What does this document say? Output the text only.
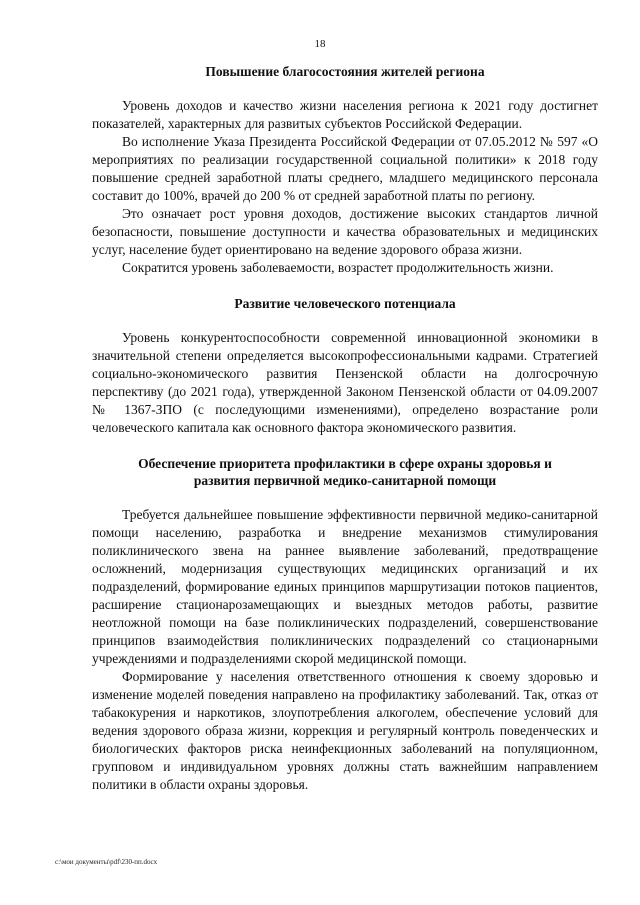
18
Повышение благосостояния жителей региона

Уровень доходов и качество жизни населения региона к 2021 году достигнет показателей, характерных для развитых субъектов Российской Федерации.

Во исполнение Указа Президента Российской Федерации от 07.05.2012 № 597 «О мероприятиях по реализации государственной социальной политики» к 2018 году повышение средней заработной платы среднего, младшего медицинского персонала составит до 100%, врачей до 200 % от средней заработной платы по региону.

Это означает рост уровня доходов, достижение высоких стандартов личной безопасности, повышение доступности и качества образовательных и медицинских услуг, население будет ориентировано на ведение здорового образа жизни.

Сократится уровень заболеваемости, возрастет продолжительность жизни.

Развитие человеческого потенциала

Уровень конкурентоспособности современной инновационной экономики в значительной степени определяется высокопрофессиональными кадрами. Стратегией социально-экономического развития Пензенской области на долгосрочную перспективу (до 2021 года), утвержденной Законом Пензенской области от 04.09.2007 № 1367-ЗПО (с последующими изменениями), определено возрастание роли человеческого капитала как основного фактора экономического развития.

Обеспечение приоритета профилактики в сфере охраны здоровья и
развития первичной медико-санитарной помощи

Требуется дальнейшее повышение эффективности первичной медико-санитарной помощи населению, разработка и внедрение механизмов стимулирования поликлинического звена на раннее выявление заболеваний, предотвращение осложнений, модернизация существующих медицинских организаций и их подразделений, формирование единых принципов маршрутизации потоков пациентов, расширение стационарозамещающих и выездных методов работы, развитие неотложной помощи на базе поликлинических подразделений, совершенствование принципов взаимодействия поликлинических подразделений со стационарными учреждениями и подразделениями скорой медицинской помощи.

Формирование у населения ответственного отношения к своему здоровью и изменение моделей поведения направлено на профилактику заболеваний. Так, отказ от табакокурения и наркотиков, злоупотребления алкоголем, обеспечение условий для ведения здорового образа жизни, коррекция и регулярный контроль поведенческих и биологических факторов риска неинфекционных заболеваний на популяционном, групповом и индивидуальном уровнях должны стать важнейшим направлением политики в области охраны здоровья.

c:\мои документы\pdf\230-пп.docx
